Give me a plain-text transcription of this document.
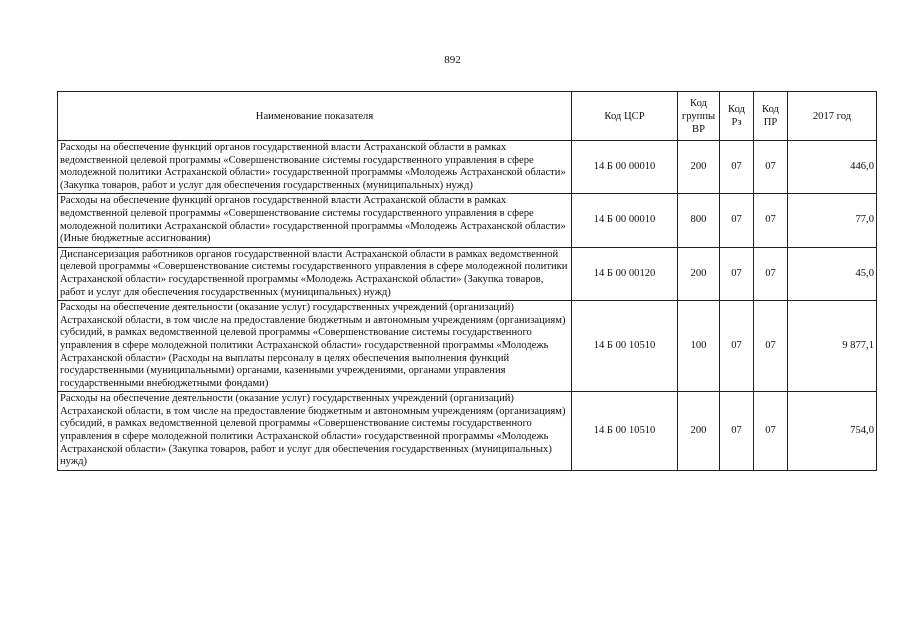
892
Наименование показателя	Код ЦСР	Код группы ВР	Код Рз	Код ПР	2017 год
Расходы на обеспечение функций органов государственной власти Астраханской области в рамках ведомственной целевой программы «Совершенствование системы государственного управления в сфере молодежной политики Астраханской области» государственной программы «Молодежь Астраханской области» (Закупка товаров, работ и услуг для обеспечения государственных (муниципальных) нужд)	14 Б 00 00010	200	07	07	446,0
Расходы на обеспечение функций органов государственной власти Астраханской области в рамках ведомственной целевой программы «Совершенствование системы государственного управления в сфере молодежной политики Астраханской области» государственной программы «Молодежь Астраханской области» (Иные бюджетные ассигнования)	14 Б 00 00010	800	07	07	77,0
Диспансеризация работников органов государственной власти Астраханской области в рамках ведомственной целевой программы «Совершенствование системы государственного управления в сфере молодежной политики Астраханской области» государственной программы «Молодежь Астраханской области» (Закупка товаров, работ и услуг для обеспечения государственных (муниципальных) нужд)	14 Б 00 00120	200	07	07	45,0
Расходы на обеспечение деятельности (оказание услуг) государственных учреждений (организаций) Астраханской области, в том числе на предоставление бюджетным и автономным учреждениям (организациям) субсидий, в рамках ведомственной целевой программы «Совершенствование системы государственного управления в сфере молодежной политики Астраханской области» государственной программы «Молодежь Астраханской области» (Расходы на выплаты персоналу в целях обеспечения выполнения функций государственными (муниципальными) органами, казенными учреждениями, органами управления государственными внебюджетными фондами)	14 Б 00 10510	100	07	07	9 877,1
Расходы на обеспечение деятельности (оказание услуг) государственных учреждений (организаций) Астраханской области, в том числе на предоставление бюджетным и автономным учреждениям (организациям) субсидий, в рамках ведомственной целевой программы «Совершенствование системы государственного управления в сфере молодежной политики Астраханской области» государственной программы «Молодежь Астраханской области» (Закупка товаров, работ и услуг для обеспечения государственных (муниципальных) нужд)	14 Б 00 10510	200	07	07	754,0
